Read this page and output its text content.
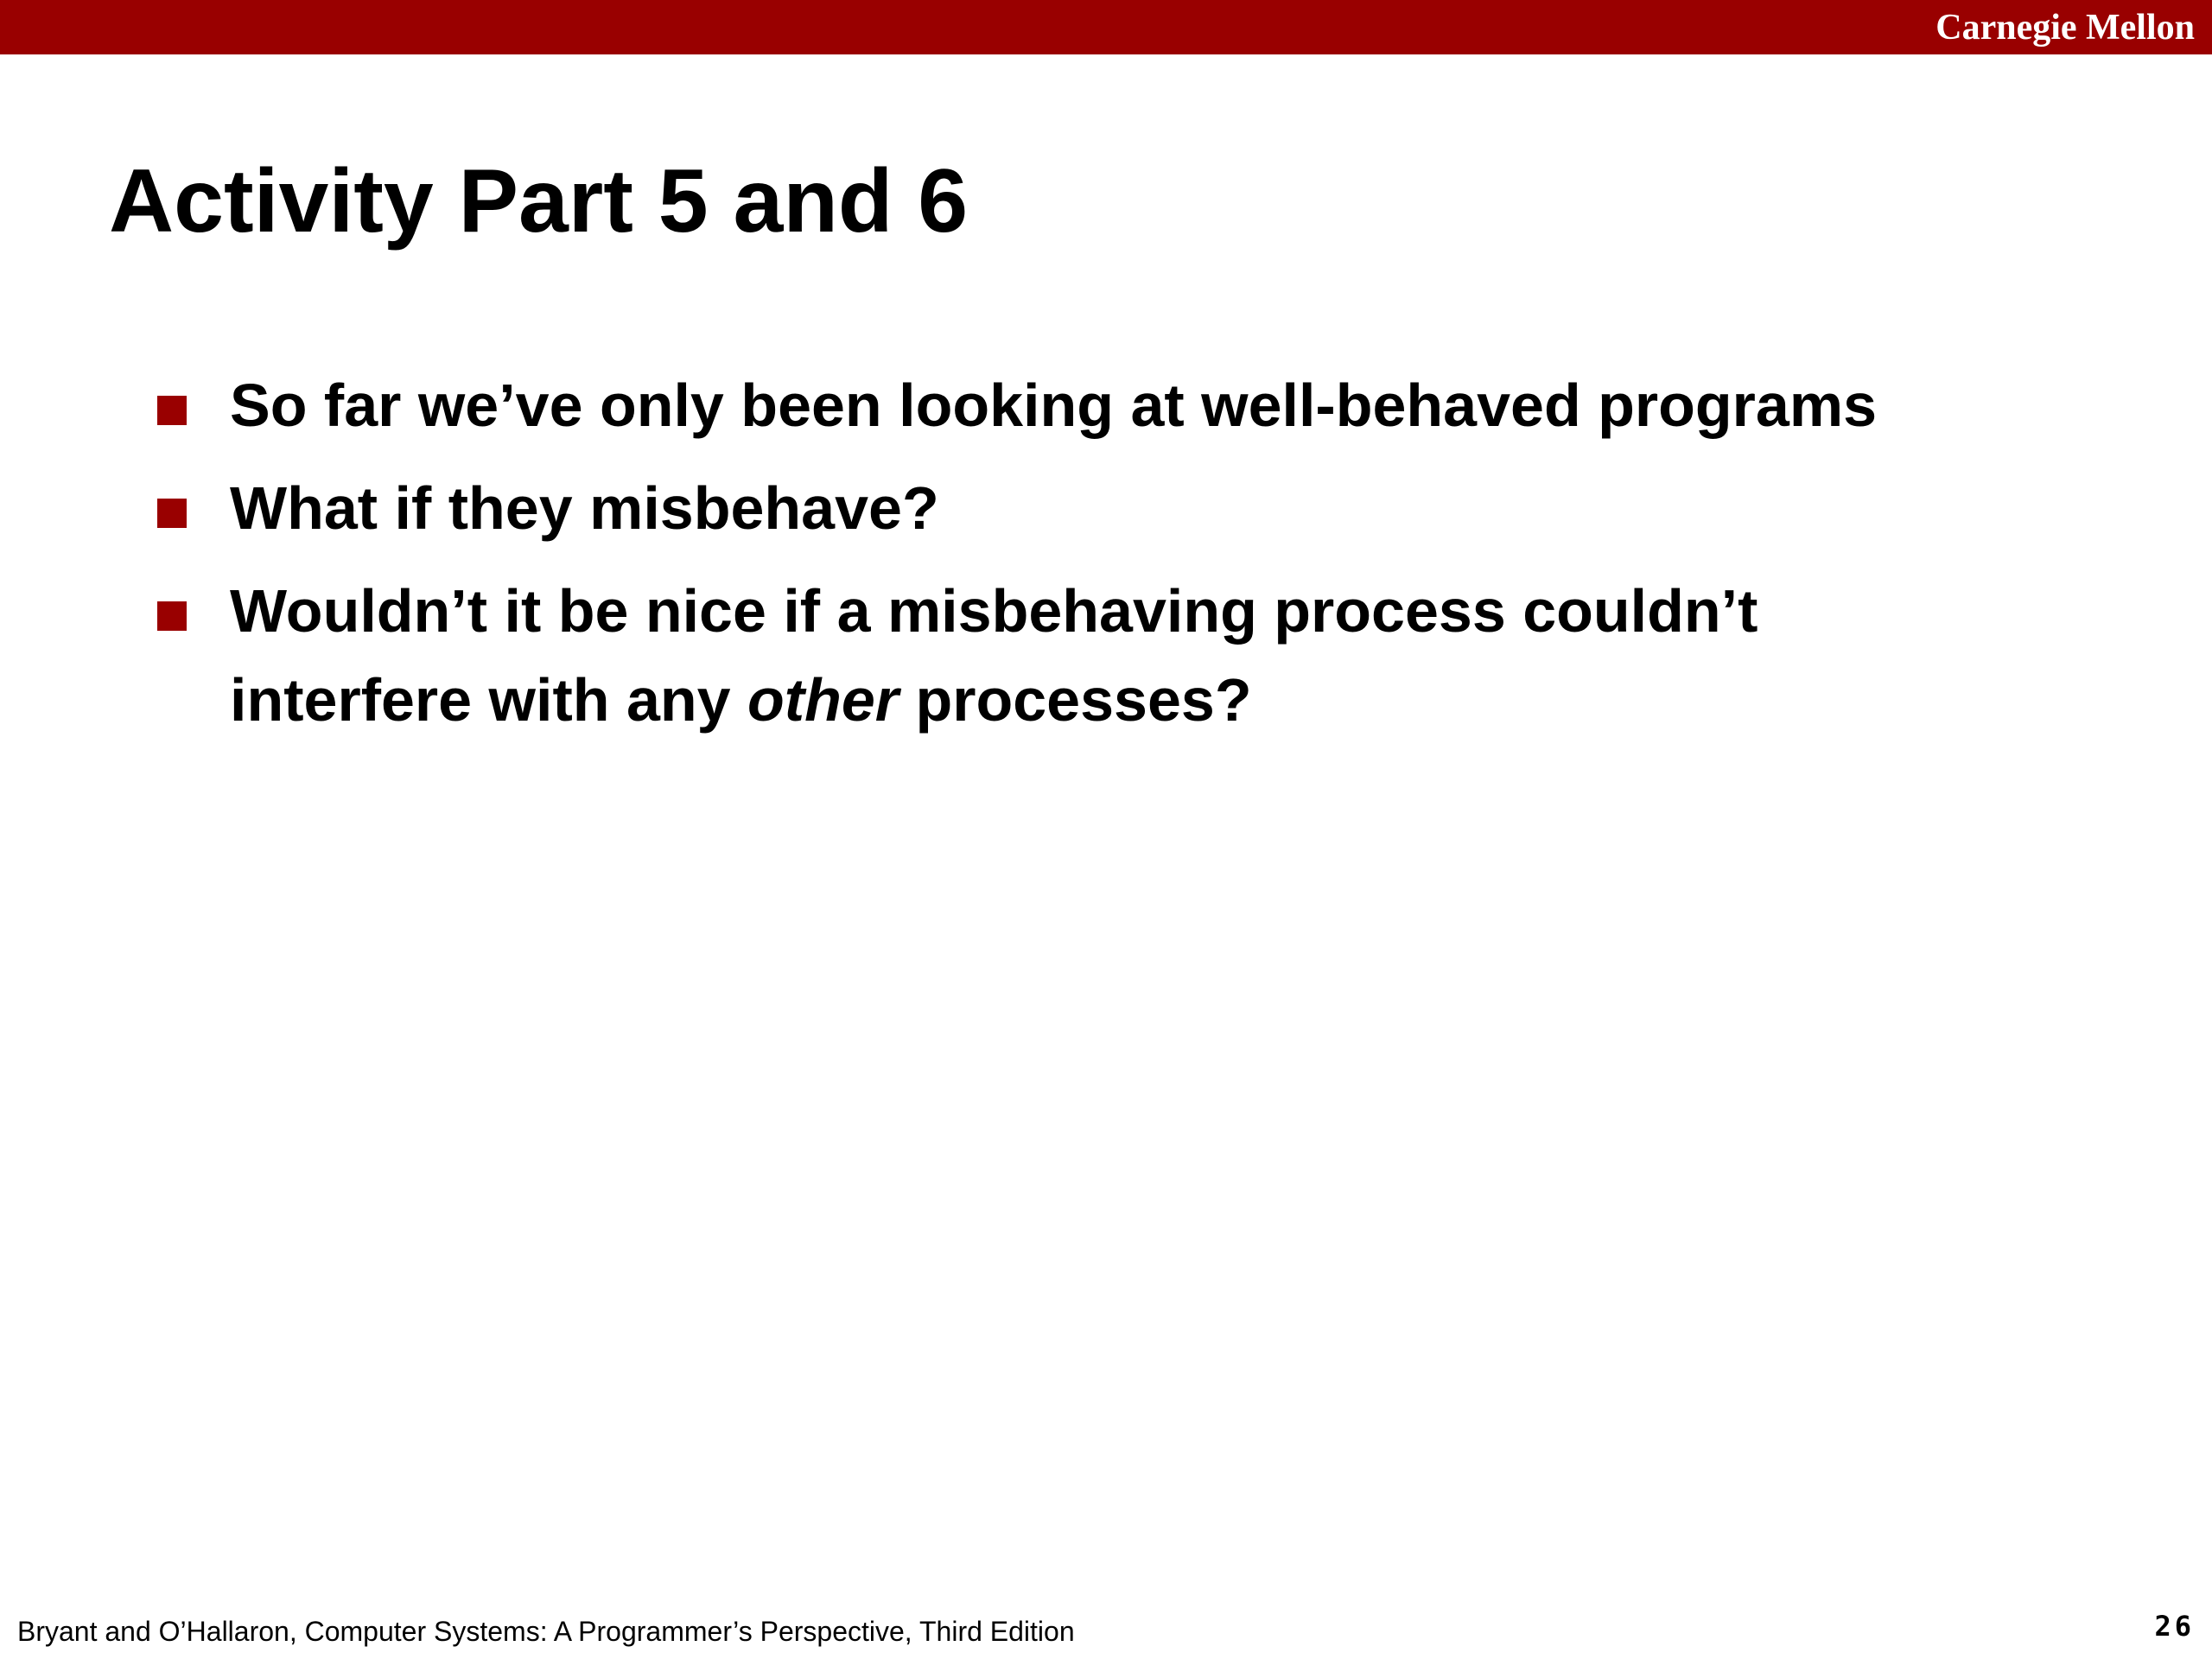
Carnegie Mellon
Activity Part 5 and 6
So far we’ve only been looking at well-behaved programs
What if they misbehave?
Wouldn’t it be nice if a misbehaving process couldn’t interfere with any other processes?
Bryant and O’Hallaron, Computer Systems: A Programmer’s Perspective, Third Edition	26
